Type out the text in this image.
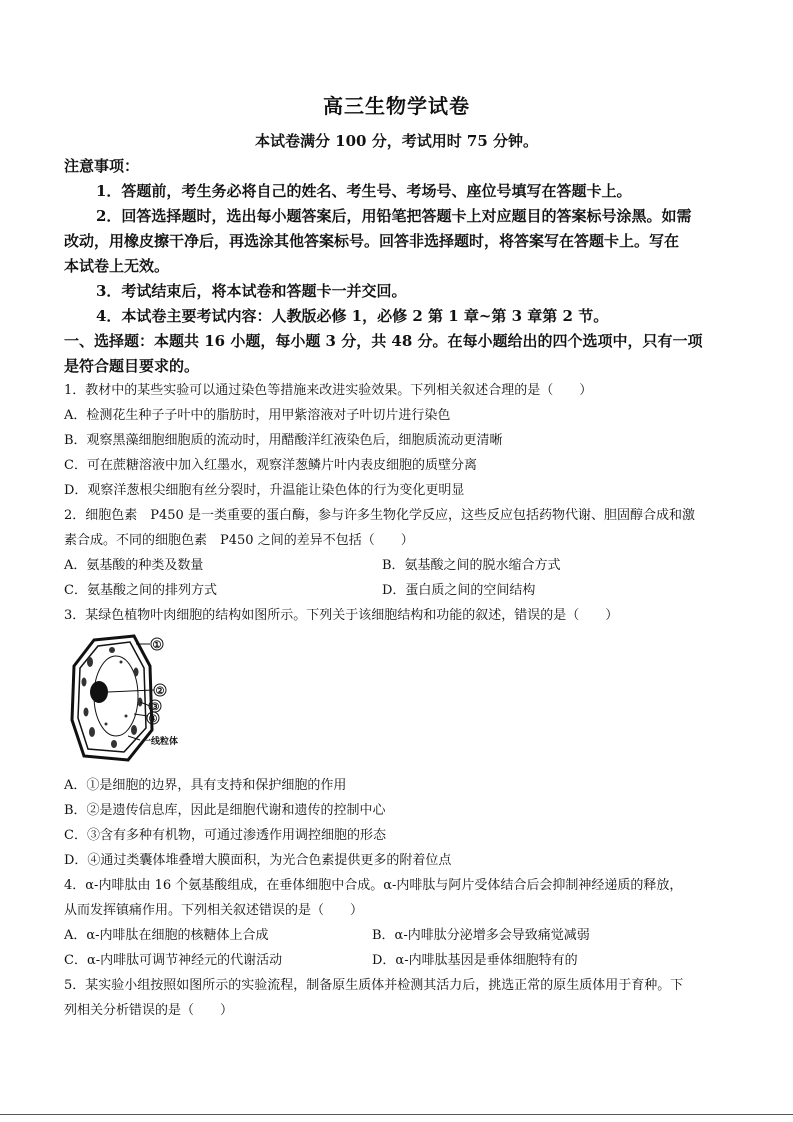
高三生物学试卷
本试卷满分 100 分，考试用时 75 分钟。
注意事项：
1．答题前，考生务必将自己的姓名、考生号、考场号、座位号填写在答题卡上。
2．回答选择题时，选出每小题答案后，用铅笔把答题卡上对应题目的答案标号涂黑。如需
改动，用橡皮擦干净后，再选涂其他答案标号。回答非选择题时，将答案写在答题卡上。写在
本试卷上无效。
3．考试结束后，将本试卷和答题卡一并交回。
4．本试卷主要考试内容：人教版必修 1，必修 2 第 1 章~第 3 章第 2 节。
一、选择题：本题共 16 小题，每小题 3 分，共 48 分。在每小题给出的四个选项中，只有一项
是符合题目要求的。
1．教材中的某些实验可以通过染色等措施来改进实验效果。下列相关叙述合理的是（　　）
A．检测花生种子子叶中的脂肪时，用甲紫溶液对子叶切片进行染色
B．观察黑藻细胞细胞质的流动时，用醋酸洋红液染色后，细胞质流动更清晰
C．可在蔗糖溶液中加入红墨水，观察洋葱鳞片叶内表皮细胞的质壁分离
D．观察洋葱根尖细胞有丝分裂时，升温能让染色体的行为变化更明显
2．细胞色素　P450 是一类重要的蛋白酶，参与许多生物化学反应，这些反应包括药物代谢、胆固醇合成和激
素合成。不同的细胞色素　P450 之间的差异不包括（　　）
A．氨基酸的种类及数量	B．氨基酸之间的脱水缩合方式
C．氨基酸之间的排列方式	D．蛋白质之间的空间结构
3．某绿色植物叶肉细胞的结构如图所示。下列关于该细胞结构和功能的叙述，错误的是（　　）
①
②
③
④
一线粒体
A．①是细胞的边界，具有支持和保护细胞的作用
B．②是遗传信息库，因此是细胞代谢和遗传的控制中心
C．③含有多种有机物，可通过渗透作用调控细胞的形态
D．④通过类囊体堆叠增大膜面积，为光合色素提供更多的附着位点
4．α-内啡肽由 16 个氨基酸组成，在垂体细胞中合成。α-内啡肽与阿片受体结合后会抑制神经递质的释放，
从而发挥镇痛作用。下列相关叙述错误的是（　　）
A．α-内啡肽在细胞的核糖体上合成	B．α-内啡肽分泌增多会导致痛觉减弱
C．α-内啡肽可调节神经元的代谢活动	D．α-内啡肽基因是垂体细胞特有的
5．某实验小组按照如图所示的实验流程，制备原生质体并检测其活力后，挑选正常的原生质体用于育种。下
列相关分析错误的是（　　）
